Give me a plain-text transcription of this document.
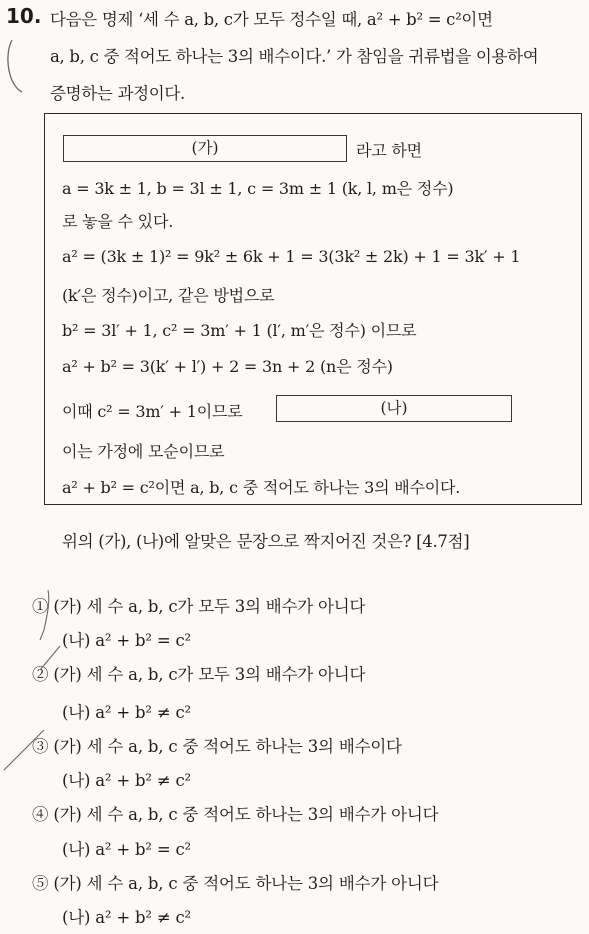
10. 다음은 명제 ‘세 수 a, b, c가 모두 정수일 때, a² + b² = c²이면
a, b, c 중 적어도 하나는 3의 배수이다.’ 가 참임을 귀류법을 이용하여
증명하는 과정이다.
(가)	라고 하면
a = 3k ± 1, b = 3l ± 1, c = 3m ± 1 (k, l, m은 정수)
로 놓을 수 있다.
a² = (3k ± 1)² = 9k² ± 6k + 1 = 3(3k² ± 2k) + 1 = 3k′ + 1
(k′은 정수)이고, 같은 방법으로
b² = 3l′ + 1, c² = 3m′ + 1 (l′, m′은 정수) 이므로
a² + b² = 3(k′ + l′) + 2 = 3n + 2 (n은 정수)
이때 c² = 3m′ + 1이므로	(나)
이는 가정에 모순이므로
a² + b² = c²이면 a, b, c 중 적어도 하나는 3의 배수이다.
위의 (가), (나)에 알맞은 문장으로 짝지어진 것은? [4.7점]
① (가) 세 수 a, b, c가 모두 3의 배수가 아니다
(나) a² + b² = c²
② (가) 세 수 a, b, c가 모두 3의 배수가 아니다
(나) a² + b² ≠ c²
③ (가) 세 수 a, b, c 중 적어도 하나는 3의 배수이다
(나) a² + b² ≠ c²
④ (가) 세 수 a, b, c 중 적어도 하나는 3의 배수가 아니다
(나) a² + b² = c²
⑤ (가) 세 수 a, b, c 중 적어도 하나는 3의 배수가 아니다
(나) a² + b² ≠ c²
